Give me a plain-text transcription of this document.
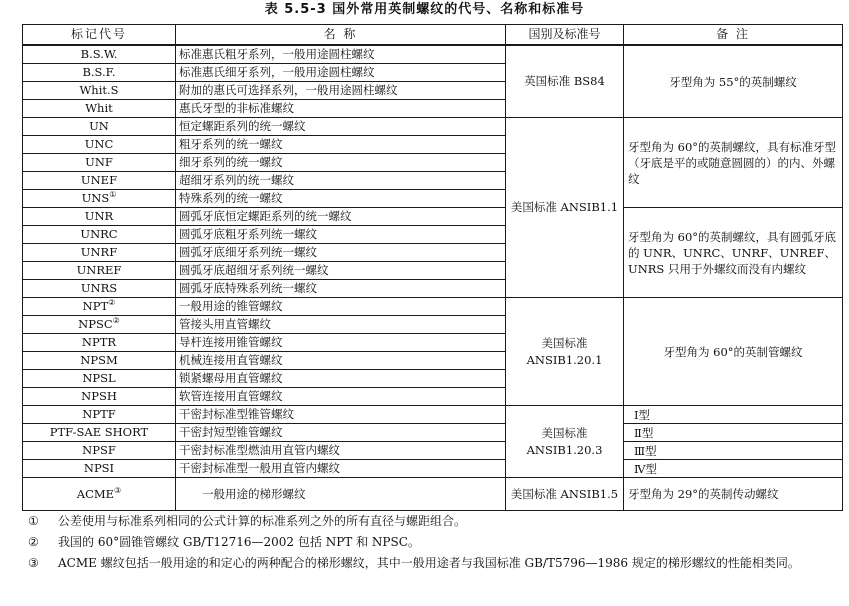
表 5.5-3 国外常用英制螺纹的代号、名称和标准号
标记代号	名 称	国别及标准号	备 注
B.S.W.	标准惠氏粗牙系列，一般用途圆柱螺纹	英国标准 BS84	牙型角为 55°的英制螺纹
B.S.F.	标准惠氏细牙系列，一般用途圆柱螺纹		
Whit.S	附加的惠氏可选择系列，一般用途圆柱螺纹		
Whit	惠氏牙型的非标准螺纹		
UN	恒定螺距系列的统一螺纹	美国标准 ANSIB1.1	牙型角为 60°的英制螺纹，具有标准牙型（牙底是平的或随意圆圆的）的内、外螺纹
UNC	粗牙系列的统一螺纹		
UNF	细牙系列的统一螺纹		
UNEF	超细牙系列的统一螺纹		
UNS①	特殊系列的统一螺纹		
UNR	圆弧牙底恒定螺距系列的统一螺纹		牙型角为 60°的英制螺纹，具有圆弧牙底的 UNR、UNRC、UNRF、UNREF、UNRS 只用于外螺纹而没有内螺纹
UNRC	圆弧牙底粗牙系列统一螺纹		
UNRF	圆弧牙底细牙系列统一螺纹		
UNREF	圆弧牙底超细牙系列统一螺纹		
UNRS	圆弧牙底特殊系列统一螺纹		
NPT②	一般用途的锥管螺纹	美国标准 ANSIB1.20.1	牙型角为 60°的英制管螺纹
NPSC②	管接头用直管螺纹		
NPTR	导杆连接用锥管螺纹		
NPSM	机械连接用直管螺纹		
NPSL	锁紧螺母用直管螺纹		
NPSH	软管连接用直管螺纹		
NPTF	干密封标准型锥管螺纹	美国标准 ANSIB1.20.3	Ⅰ型
PTF-SAE SHORT	干密封短型锥管螺纹		Ⅱ型
NPSF	干密封标准型燃油用直管内螺纹		Ⅲ型
NPSI	干密封标准型一般用直管内螺纹		Ⅳ型
ACME③	一般用途的梯形螺纹	美国标准 ANSIB1.5	牙型角为 29°的英制传动螺纹
①	公差使用与标准系列相同的公式计算的标准系列之外的所有直径与螺距组合。
②	我国的 60°圆锥管螺纹 GB/T12716—2002 包括 NPT 和 NPSC。
③	ACME 螺纹包括一般用途的和定心的两种配合的梯形螺纹，其中一般用途者与我国标准 GB/T5796—1986 规定的梯形螺纹的性能相类同。
